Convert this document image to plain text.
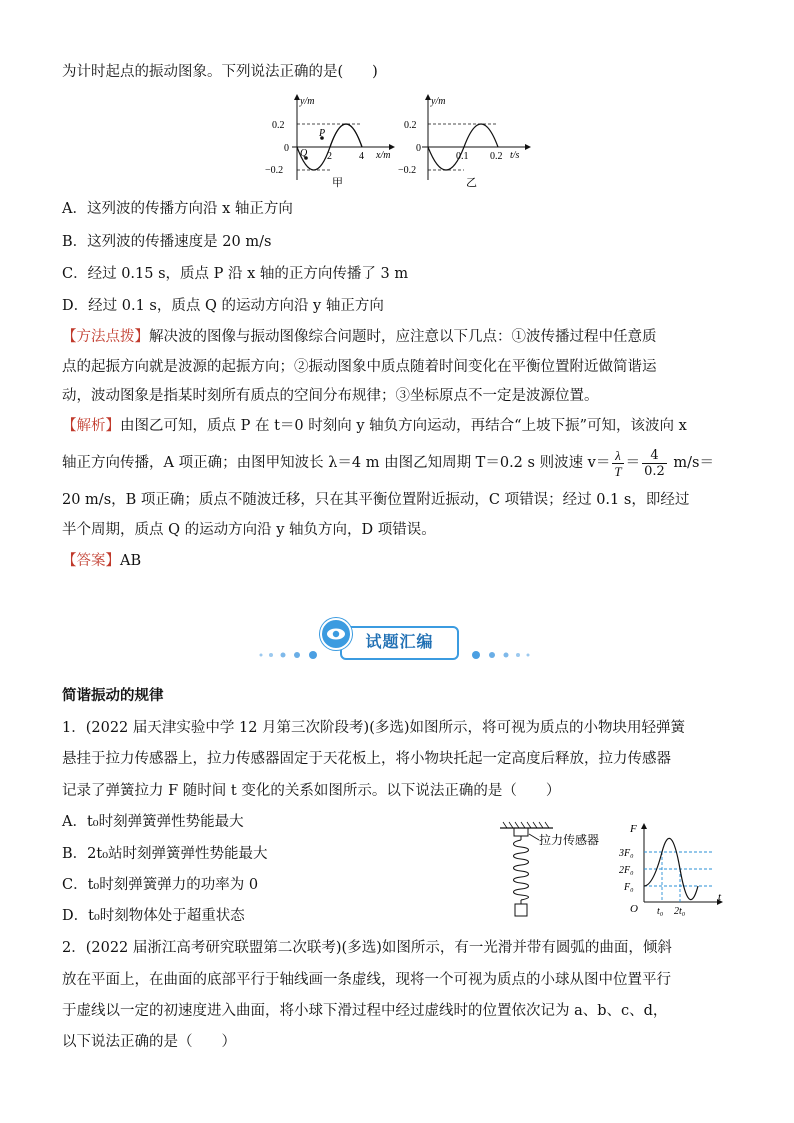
为计时起点的振动图象。下列说法正确的是(　　)
y/m
x/m
0.2
0
−0.2
2	4
P
Q
甲
y/m
t/s
0.2
0
−0.2
0.1 0.2
乙
A．这列波的传播方向沿 x 轴正方向
B．这列波的传播速度是 20 m/s
C．经过 0.15 s，质点 P 沿 x 轴的正方向传播了 3 m
D．经过 0.1 s，质点 Q 的运动方向沿 y 轴正方向
【方法点拨】解决波的图像与振动图像综合问题时，应注意以下几点：①波传播过程中任意质
点的起振方向就是波源的起振方向；②振动图象中质点随着时间变化在平衡位置附近做简谐运
动，波动图象是指某时刻所有质点的空间分布规律；③坐标原点不一定是波源位置。
【解析】由图乙可知，质点 P 在 t＝0 时刻向 y 轴负方向运动，再结合“上坡下振”可知，该波向 x
轴正方向传播，A 项正确；由图甲知波长 λ＝4 m 由图乙知周期 T＝0.2 s 则波速 $v= \frac{\lambda}{T} = \frac{4}{0.2} m/s=$
20 m/s，B 项正确；质点不随波迁移，只在其平衡位置附近振动，C 项错误；经过 0.1 s，即经过
半个周期，质点 Q 的运动方向沿 y 轴负方向，D 项错误。
【答案】AB
试题汇编
简谐振动的规律
1．(2022 届天津实验中学 12 月第三次阶段考)(多选)如图所示，将可视为质点的小物块用轻弹簧
悬挂于拉力传感器上，拉力传感器固定于天花板上，将小物块托起一定高度后释放，拉力传感器
记录了弹簧拉力 F 随时间 t 变化的关系如图所示。以下说法正确的是（　　）
A．t₀时刻弹簧弹性势能最大
B．2t₀站时刻弹簧弹性势能最大
C．t₀时刻弹簧弹力的功率为 0
D．t₀时刻物体处于超重状态
拉力传感器
F
t
3F₀
2F₀
F₀
O t₀ 2t₀
2．(2022 届浙江高考研究联盟第二次联考)(多选)如图所示，有一光滑并带有圆弧的曲面，倾斜
放在平面上，在曲面的底部平行于轴线画一条虚线，现将一个可视为质点的小球从图中位置平行
于虚线以一定的初速度进入曲面，将小球下滑过程中经过虚线时的位置依次记为 a、b、c、d，
以下说法正确的是（　　）
